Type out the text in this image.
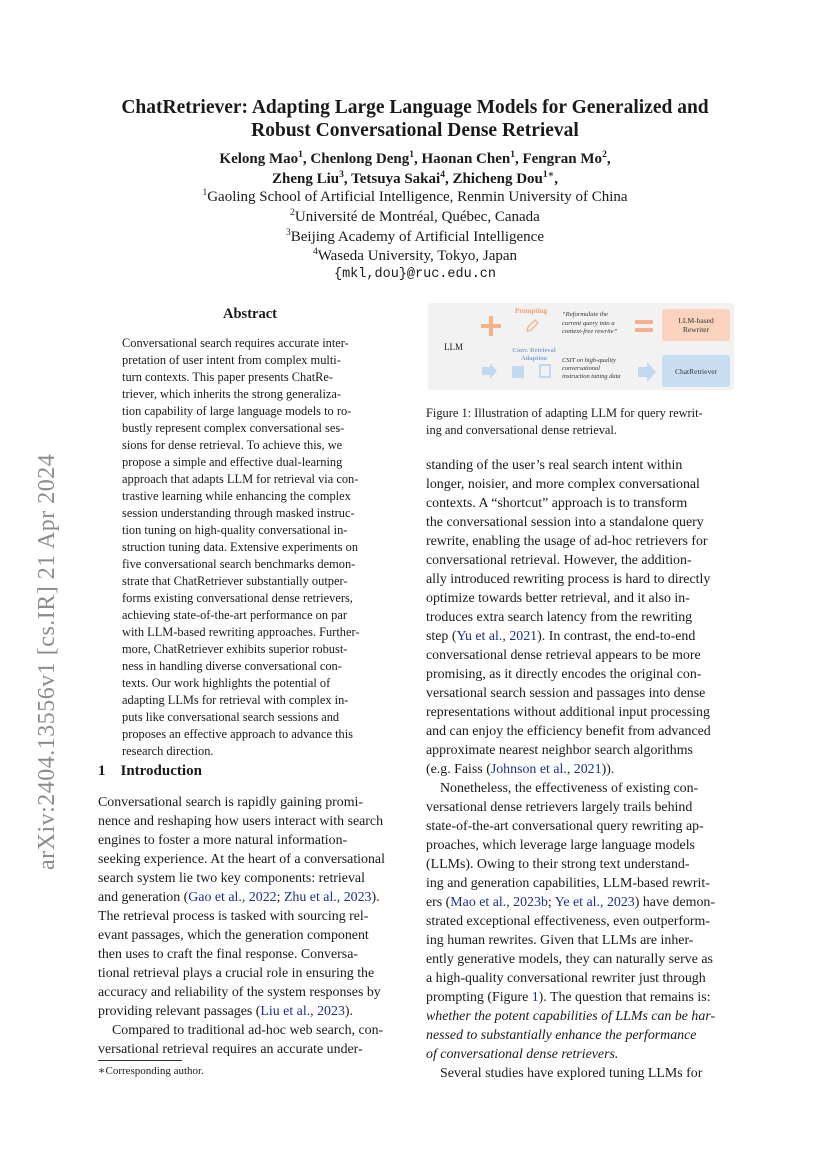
arXiv:2404.13556v1 [cs.IR] 21 Apr 2024
ChatRetriever: Adapting Large Language Models for Generalized and
Robust Conversational Dense Retrieval
Kelong Mao$^1$, Chenlong Deng$^1$, Haonan Chen$^1$, Fengran Mo$^2$,
Zheng Liu$^3$, Tetsuya Sakai$^4$, Zhicheng Dou$^{1∗}$,
$^1$Gaoling School of Artificial Intelligence, Renmin University of China
$^2$Université de Montréal, Québec, Canada
$^3$Beijing Academy of Artificial Intelligence
$^4$Waseda University, Tokyo, Japan
{mkl,dou}@ruc.edu.cn
Abstract
Conversational search requires accurate inter-
pretation of user intent from complex multi-
turn contexts. This paper presents ChatRe-
triever, which inherits the strong generaliza-
tion capability of large language models to ro-
bustly represent complex conversational ses-
sions for dense retrieval. To achieve this, we
propose a simple and effective dual-learning
approach that adapts LLM for retrieval via con-
trastive learning while enhancing the complex
session understanding through masked instruc-
tion tuning on high-quality conversational in-
struction tuning data. Extensive experiments on
five conversational search benchmarks demon-
strate that ChatRetriever substantially outper-
forms existing conversational dense retrievers,
achieving state-of-the-art performance on par
with LLM-based rewriting approaches. Further-
more, ChatRetriever exhibits superior robust-
ness in handling diverse conversational con-
texts. Our work highlights the potential of
adapting LLMs for retrieval with complex in-
puts like conversational search sessions and
proposes an effective approach to advance this
research direction.
1 Introduction
Conversational search is rapidly gaining promi-
nence and reshaping how users interact with search
engines to foster a more natural information-
seeking experience. At the heart of a conversational
search system lie two key components: retrieval
and generation (Gao et al., 2022; Zhu et al., 2023).
The retrieval process is tasked with sourcing rel-
evant passages, which the generation component
then uses to craft the final response. Conversa-
tional retrieval plays a crucial role in ensuring the
accuracy and reliability of the system responses by
providing relevant passages (Liu et al., 2023).
Compared to traditional ad-hoc web search, con-
versational retrieval requires an accurate under-
∗Corresponding author.
LLM
Prompting	“Reformulate the
current query into a
context-free rewrite”
LLM-based
Rewriter
Conv. Retrieval
Adaption	CSIT on high-quality
conversational
instruction tuning data
ChatRetriever
Figure 1: Illustration of adapting LLM for query rewrit-
ing and conversational dense retrieval.
standing of the user’s real search intent within
longer, noisier, and more complex conversational
contexts. A “shortcut” approach is to transform
the conversational session into a standalone query
rewrite, enabling the usage of ad-hoc retrievers for
conversational retrieval. However, the addition-
ally introduced rewriting process is hard to directly
optimize towards better retrieval, and it also in-
troduces extra search latency from the rewriting
step (Yu et al., 2021). In contrast, the end-to-end
conversational dense retrieval appears to be more
promising, as it directly encodes the original con-
versational search session and passages into dense
representations without additional input processing
and can enjoy the efficiency benefit from advanced
approximate nearest neighbor search algorithms
(e.g. Faiss (Johnson et al., 2021)).
Nonetheless, the effectiveness of existing con-
versational dense retrievers largely trails behind
state-of-the-art conversational query rewriting ap-
proaches, which leverage large language models
(LLMs). Owing to their strong text understand-
ing and generation capabilities, LLM-based rewrit-
ers (Mao et al., 2023b; Ye et al., 2023) have demon-
strated exceptional effectiveness, even outperform-
ing human rewrites. Given that LLMs are inher-
ently generative models, they can naturally serve as
a high-quality conversational rewriter just through
prompting (Figure 1). The question that remains is:
whether the potent capabilities of LLMs can be har-
nessed to substantially enhance the performance
of conversational dense retrievers.
Several studies have explored tuning LLMs for
